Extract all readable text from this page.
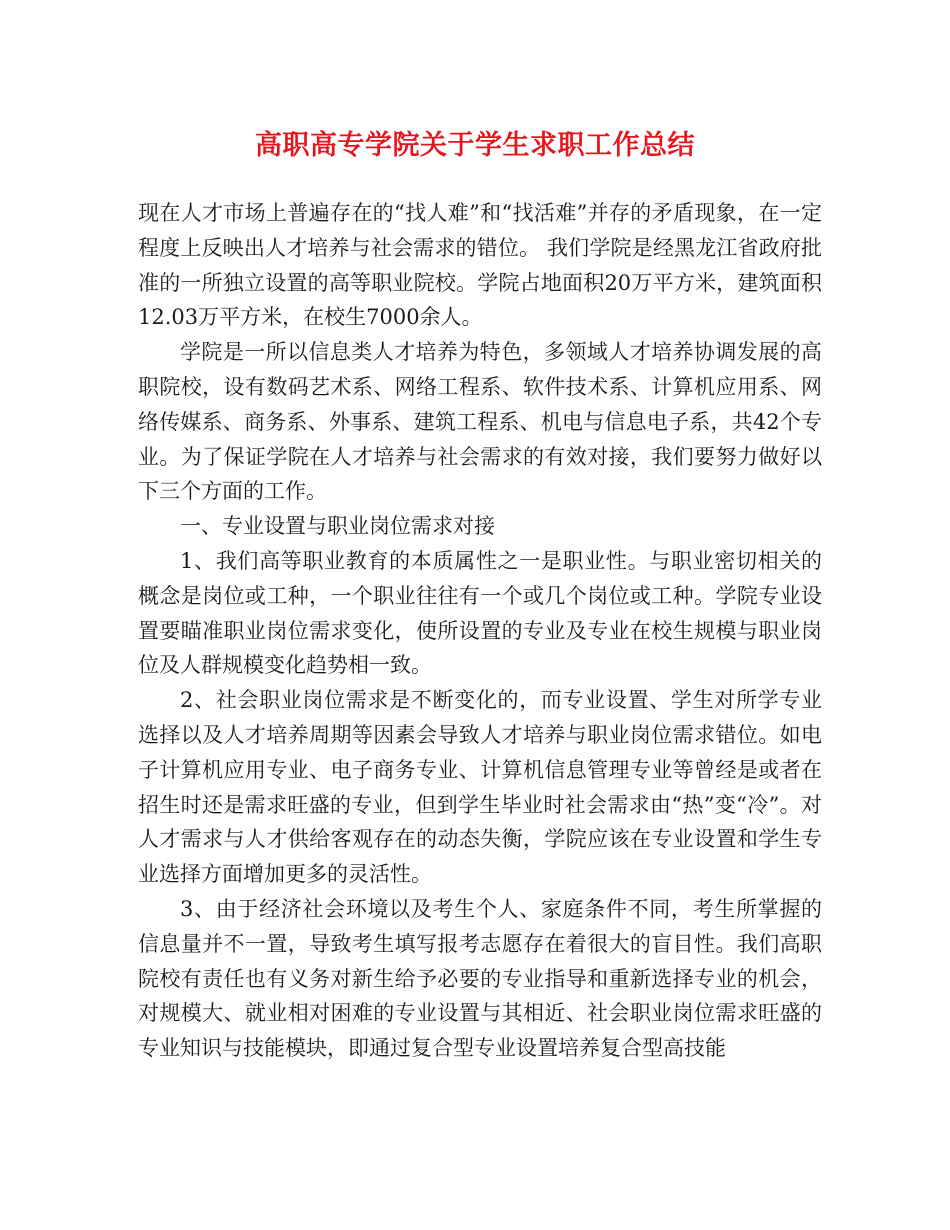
高职高专学院关于学生求职工作总结

现在人才市场上普遍存在的“找人难”和“找活难”并存的矛盾现象，在一定程度上反映出人才培养与社会需求的错位。 我们学院是经黑龙江省政府批准的一所独立设置的高等职业院校。学院占地面积20万平方米，建筑面积12.03万平方米，在校生7000余人。

学院是一所以信息类人才培养为特色，多领域人才培养协调发展的高职院校，设有数码艺术系、网络工程系、软件技术系、计算机应用系、网络传媒系、商务系、外事系、建筑工程系、机电与信息电子系，共42个专业。为了保证学院在人才培养与社会需求的有效对接，我们要努力做好以下三个方面的工作。

一、专业设置与职业岗位需求对接

1、我们高等职业教育的本质属性之一是职业性。与职业密切相关的概念是岗位或工种，一个职业往往有一个或几个岗位或工种。学院专业设置要瞄准职业岗位需求变化，使所设置的专业及专业在校生规模与职业岗位及人群规模变化趋势相一致。

2、社会职业岗位需求是不断变化的，而专业设置、学生对所学专业选择以及人才培养周期等因素会导致人才培养与职业岗位需求错位。如电子计算机应用专业、电子商务专业、计算机信息管理专业等曾经是或者在招生时还是需求旺盛的专业，但到学生毕业时社会需求由“热”变“冷”。对人才需求与人才供给客观存在的动态失衡，学院应该在专业设置和学生专业选择方面增加更多的灵活性。

3、由于经济社会环境以及考生个人、家庭条件不同，考生所掌握的信息量并不一置，导致考生填写报考志愿存在着很大的盲目性。我们高职院校有责任也有义务对新生给予必要的专业指导和重新选择专业的机会，对规模大、就业相对困难的专业设置与其相近、社会职业岗位需求旺盛的专业知识与技能模块，即通过复合型专业设置培养复合型高技能
